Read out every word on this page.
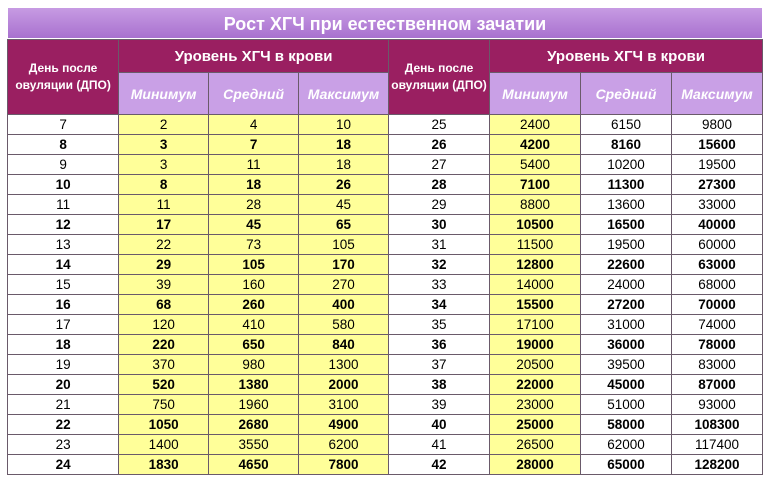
Рост ХГЧ при естественном зачатии
День после овуляции (ДПО)	Уровень ХГЧ в крови			День после овуляции (ДПО)	Уровень ХГЧ в крови		
	Минимум	Средний	Максимум		Минимум	Средний	Максимум
7	2	4	10	25	2400	6150	9800
8	3	7	18	26	4200	8160	15600
9	3	11	18	27	5400	10200	19500
10	8	18	26	28	7100	11300	27300
11	11	28	45	29	8800	13600	33000
12	17	45	65	30	10500	16500	40000
13	22	73	105	31	11500	19500	60000
14	29	105	170	32	12800	22600	63000
15	39	160	270	33	14000	24000	68000
16	68	260	400	34	15500	27200	70000
17	120	410	580	35	17100	31000	74000
18	220	650	840	36	19000	36000	78000
19	370	980	1300	37	20500	39500	83000
20	520	1380	2000	38	22000	45000	87000
21	750	1960	3100	39	23000	51000	93000
22	1050	2680	4900	40	25000	58000	108300
23	1400	3550	6200	41	26500	62000	117400
24	1830	4650	7800	42	28000	65000	128200
